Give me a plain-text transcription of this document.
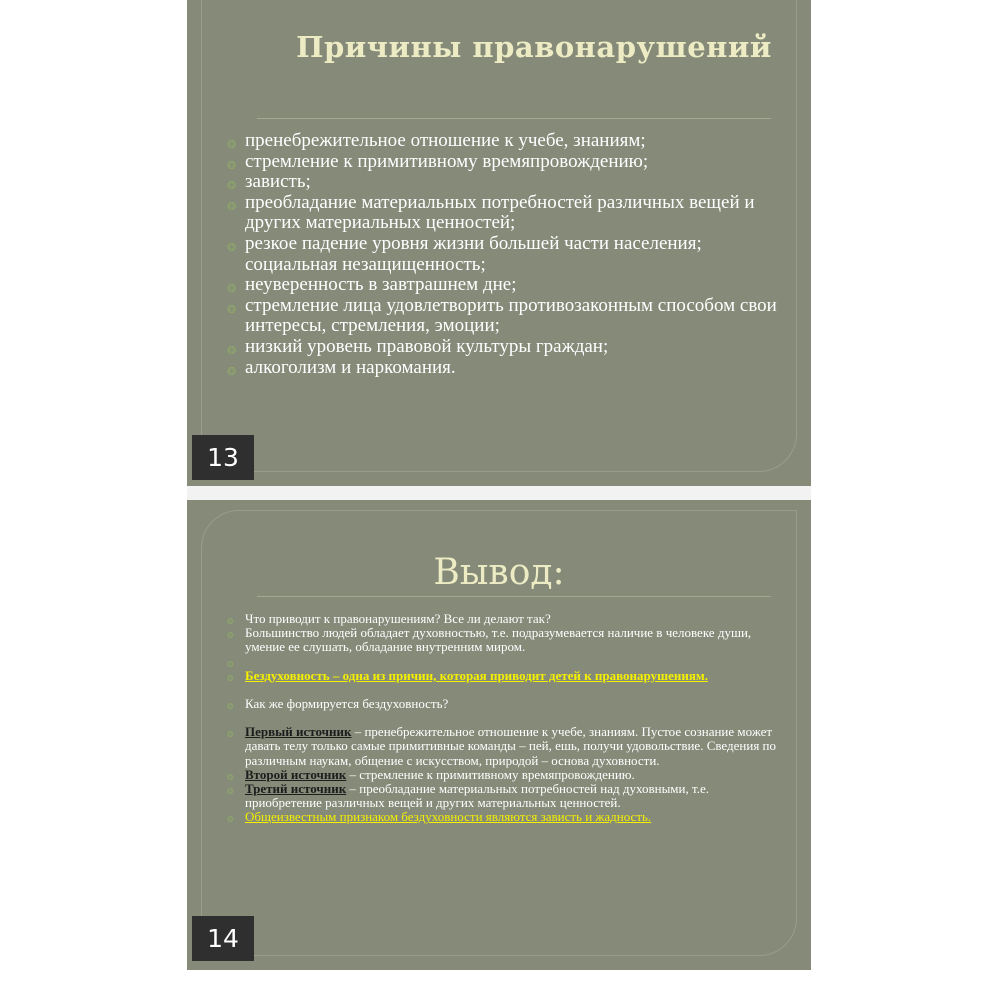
Причины правонарушений
❂ пренебрежительное отношение к учебе, знаниям;
❂ стремление к примитивному времяпровождению;
❂ зависть;
❂ преобладание материальных потребностей различных вещей и других материальных ценностей;
❂ резкое падение уровня жизни большей части населения; социальная незащищенность;
❂ неуверенность в завтрашнем дне;
❂ стремление лица удовлетворить противозаконным способом свои интересы, стремления, эмоции;
❂ низкий уровень правовой культуры граждан;
❂ алкоголизм и наркомания.
13
Вывод:
❂ Что приводит к правонарушениям? Все ли делают так?
❂ Большинство людей обладает духовностью, т.е. подразумевается наличие в человеке души, умение ее слушать, обладание внутренним миром.
❂

❂ Бездуховность – одна из причин, которая приводит детей к правонарушениям.
❂ Как же формируется бездуховность?
❂ Первый источник – пренебрежительное отношение к учебе, знаниям. Пустое сознание может давать телу только самые примитивные команды – пей, ешь, получи удовольствие. Сведения по различным наукам, общение с искусством, природой – основа духовности.
❂ Второй источник – стремление к примитивному времяпровождению.
❂ Третий источник – преобладание материальных потребностей над духовными, т.е. приобретение различных вещей и других материальных ценностей.
❂ Общеизвестным признаком бездуховности являются зависть и жадность.
14
